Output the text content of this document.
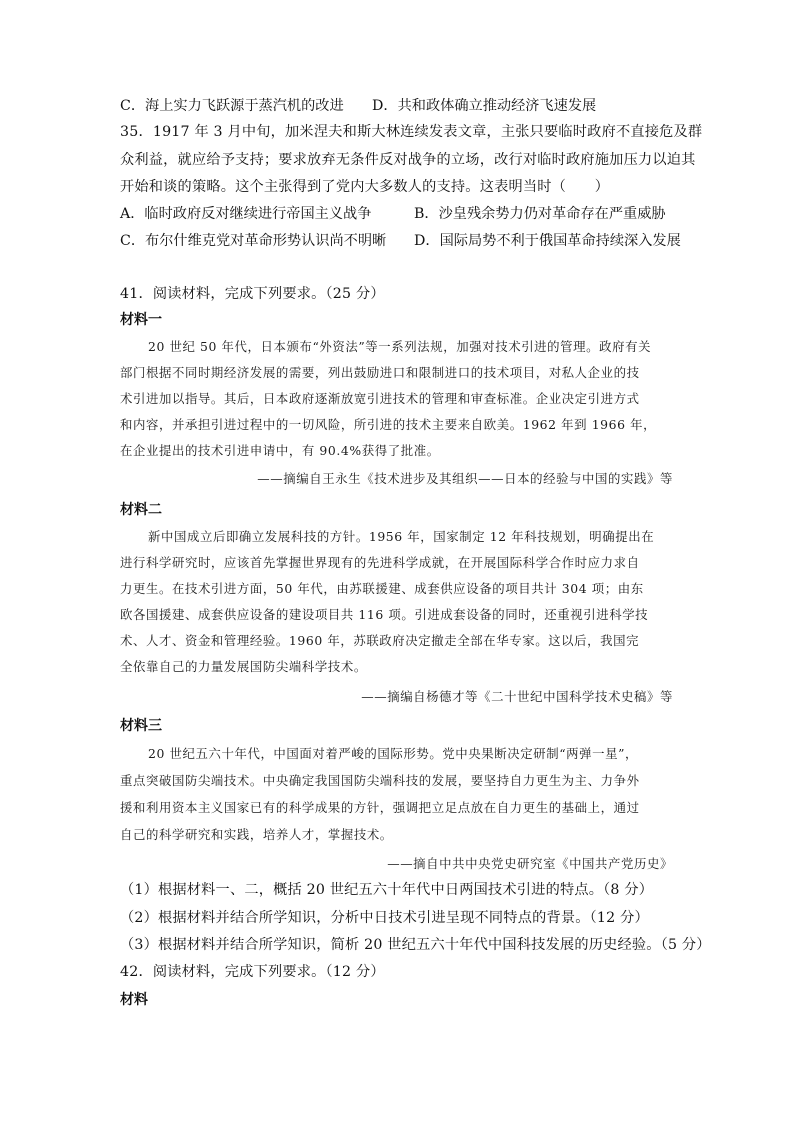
C．海上实力飞跃源于蒸汽机的改进 D．共和政体确立推动经济飞速发展
35．1917 年 3 月中旬，加米涅夫和斯大林连续发表文章，主张只要临时政府不直接危及群
众利益，就应给予支持；要求放弃无条件反对战争的立场，改行对临时政府施加压力以迫其
开始和谈的策略。这个主张得到了党内大多数人的支持。这表明当时（　　）
A．临时政府反对继续进行帝国主义战争	B．沙皇残余势力仍对革命存在严重威胁
C．布尔什维克党对革命形势认识尚不明晰 D．国际局势不利于俄国革命持续深入发展
41．阅读材料，完成下列要求。（25 分）
材料一
20 世纪 50 年代，日本颁布“外资法”等一系列法规，加强对技术引进的管理。政府有关
部门根据不同时期经济发展的需要，列出鼓励进口和限制进口的技术项目，对私人企业的技
术引进加以指导。其后，日本政府逐渐放宽引进技术的管理和审查标准。企业决定引进方式
和内容，并承担引进过程中的一切风险，所引进的技术主要来自欧美。1962 年到 1966 年，
在企业提出的技术引进申请中，有 90.4%获得了批准。
——摘编自王永生《技术进步及其组织——日本的经验与中国的实践》等
材料二
新中国成立后即确立发展科技的方针。1956 年，国家制定 12 年科技规划，明确提出在
进行科学研究时，应该首先掌握世界现有的先进科学成就，在开展国际科学合作时应力求自
力更生。在技术引进方面，50 年代，由苏联援建、成套供应设备的项目共计 304 项；由东
欧各国援建、成套供应设备的建设项目共 116 项。引进成套设备的同时，还重视引进科学技
术、人才、资金和管理经验。1960 年，苏联政府决定撤走全部在华专家。这以后，我国完
全依靠自己的力量发展国防尖端科学技术。
——摘编自杨德才等《二十世纪中国科学技术史稿》等
材料三
20 世纪五六十年代，中国面对着严峻的国际形势。党中央果断决定研制“两弹一星”，
重点突破国防尖端技术。中央确定我国国防尖端科技的发展，要坚持自力更生为主、力争外
援和利用资本主义国家已有的科学成果的方针，强调把立足点放在自力更生的基础上，通过
自己的科学研究和实践，培养人才，掌握技术。
——摘自中共中央党史研究室《中国共产党历史》
（1）根据材料一、二，概括 20 世纪五六十年代中日两国技术引进的特点。（8 分）
（2）根据材料并结合所学知识，分析中日技术引进呈现不同特点的背景。（12 分）
（3）根据材料并结合所学知识，简析 20 世纪五六十年代中国科技发展的历史经验。（5 分）
42．阅读材料，完成下列要求。（12 分）
材料
